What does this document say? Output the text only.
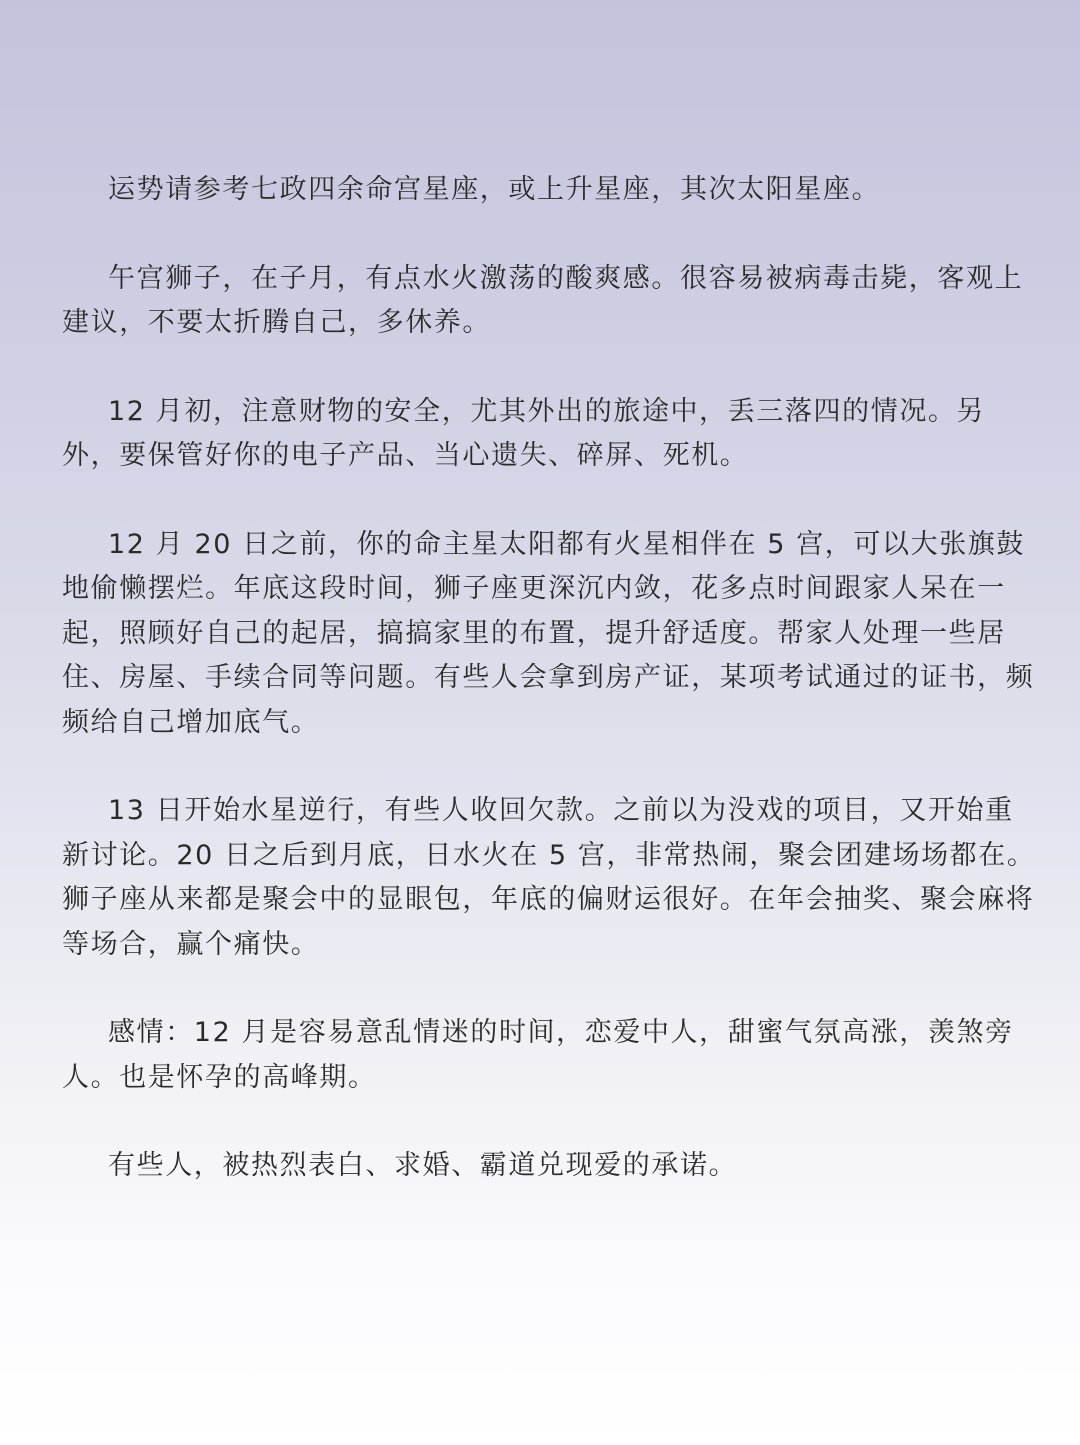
运势请参考七政四余命宫星座，或上升星座，其次太阳星座。

午宫狮子，在子月，有点水火激荡的酸爽感。很容易被病毒击毙，客观上建议，不要太折腾自己，多休养。

12 月初，注意财物的安全，尤其外出的旅途中，丢三落四的情况。另外，要保管好你的电子产品、当心遗失、碎屏、死机。

12 月 20 日之前，你的命主星太阳都有火星相伴在 5 宫，可以大张旗鼓地偷懒摆烂。年底这段时间，狮子座更深沉内敛，花多点时间跟家人呆在一起，照顾好自己的起居，搞搞家里的布置，提升舒适度。帮家人处理一些居住、房屋、手续合同等问题。有些人会拿到房产证，某项考试通过的证书，频频给自己增加底气。

13 日开始水星逆行，有些人收回欠款。之前以为没戏的项目，又开始重新讨论。20 日之后到月底，日水火在 5 宫，非常热闹，聚会团建场场都在。狮子座从来都是聚会中的显眼包，年底的偏财运很好。在年会抽奖、聚会麻将等场合，赢个痛快。

感情：12 月是容易意乱情迷的时间，恋爱中人，甜蜜气氛高涨，羡煞旁人。也是怀孕的高峰期。

有些人，被热烈表白、求婚、霸道兑现爱的承诺。
